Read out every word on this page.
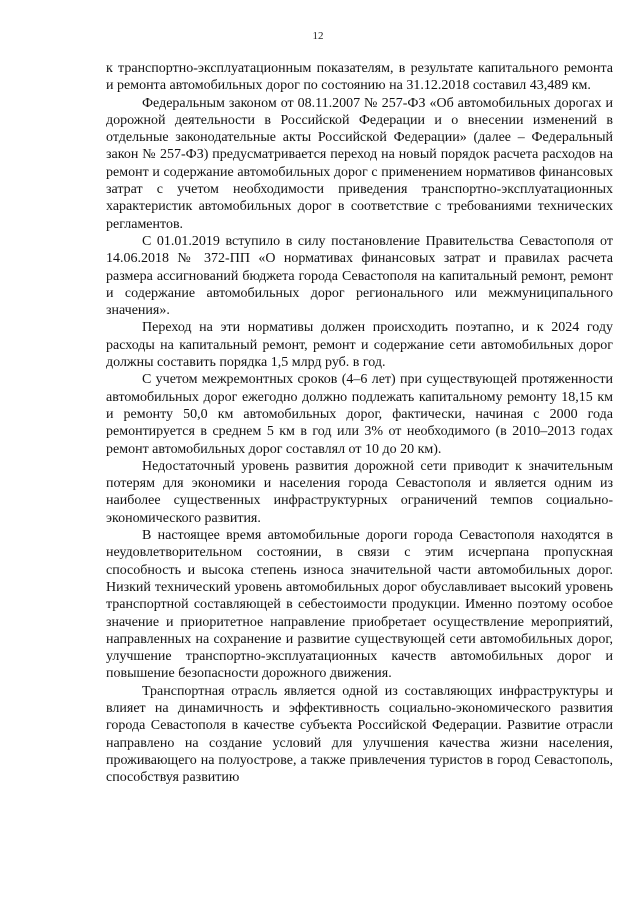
12

к транспортно-эксплуатационным показателям, в результате капитального ремонта и ремонта автомобильных дорог по состоянию на 31.12.2018 составил 43,489 км.

Федеральным законом от 08.11.2007 № 257-ФЗ «Об автомобильных дорогах и дорожной деятельности в Российской Федерации и о внесении изменений в отдельные законодательные акты Российской Федерации» (далее – Федеральный закон № 257-ФЗ) предусматривается переход на новый порядок расчета расходов на ремонт и содержание автомобильных дорог с применением нормативов финансовых затрат с учетом необходимости приведения транспортно-эксплуатационных характеристик автомобильных дорог в соответствие с требованиями технических регламентов.

С 01.01.2019 вступило в силу постановление Правительства Севастополя от 14.06.2018 № 372-ПП «О нормативах финансовых затрат и правилах расчета размера ассигнований бюджета города Севастополя на капитальный ремонт, ремонт и содержание автомобильных дорог регионального или межмуниципального значения».

Переход на эти нормативы должен происходить поэтапно, и к 2024 году расходы на капитальный ремонт, ремонт и содержание сети автомобильных дорог должны составить порядка 1,5 млрд руб. в год.

С учетом межремонтных сроков (4–6 лет) при существующей протяженности автомобильных дорог ежегодно должно подлежать капитальному ремонту 18,15 км и ремонту 50,0 км автомобильных дорог, фактически, начиная с 2000 года ремонтируется в среднем 5 км в год или 3% от необходимого (в 2010–2013 годах ремонт автомобильных дорог составлял от 10 до 20 км).

Недостаточный уровень развития дорожной сети приводит к значительным потерям для экономики и населения города Севастополя и является одним из наиболее существенных инфраструктурных ограничений темпов социально-экономического развития.

В настоящее время автомобильные дороги города Севастополя находятся в неудовлетворительном состоянии, в связи с этим исчерпана пропускная способность и высока степень износа значительной части автомобильных дорог. Низкий технический уровень автомобильных дорог обуславливает высокий уровень транспортной составляющей в себестоимости продукции. Именно поэтому особое значение и приоритетное направление приобретает осуществление мероприятий, направленных на сохранение и развитие существующей сети автомобильных дорог, улучшение транспортно-эксплуатационных качеств автомобильных дорог и повышение безопасности дорожного движения.

Транспортная отрасль является одной из составляющих инфраструктуры и влияет на динамичность и эффективность социально-экономического развития города Севастополя в качестве субъекта Российской Федерации. Развитие отрасли направлено на создание условий для улучшения качества жизни населения, проживающего на полуострове, а также привлечения туристов в город Севастополь, способствуя развитию
